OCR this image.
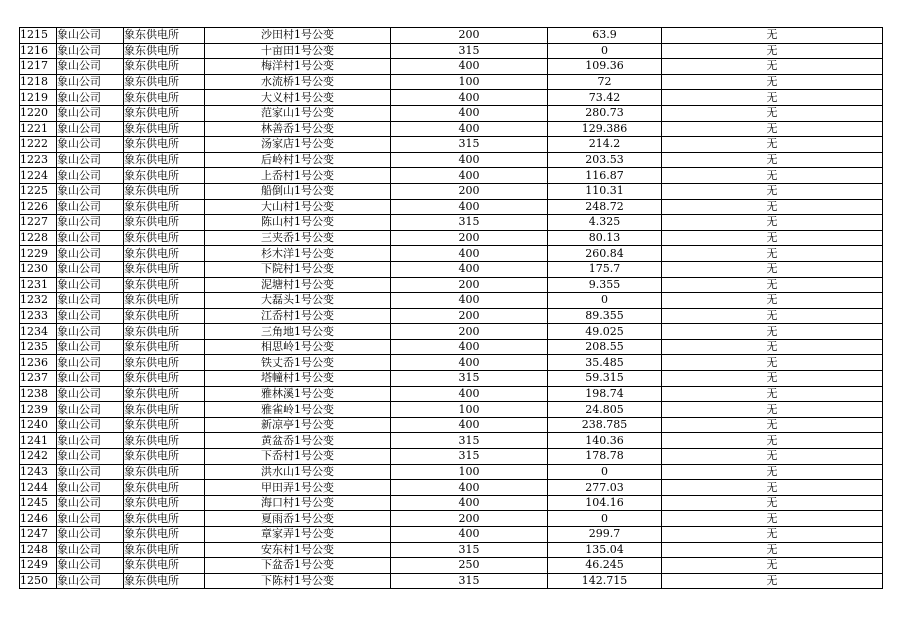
1215	象山公司	象东供电所	沙田村1号公变	200	63.9	无
1216	象山公司	象东供电所	十亩田1号公变	315	0	无
1217	象山公司	象东供电所	梅洋村1号公变	400	109.36	无
1218	象山公司	象东供电所	水流桥1号公变	100	72	无
1219	象山公司	象东供电所	大义村1号公变	400	73.42	无
1220	象山公司	象东供电所	范家山1号公变	400	280.73	无
1221	象山公司	象东供电所	林善岙1号公变	400	129.386	无
1222	象山公司	象东供电所	汤家店1号公变	315	214.2	无
1223	象山公司	象东供电所	后岭村1号公变	400	203.53	无
1224	象山公司	象东供电所	上岙村1号公变	400	116.87	无
1225	象山公司	象东供电所	船倒山1号公变	200	110.31	无
1226	象山公司	象东供电所	大山村1号公变	400	248.72	无
1227	象山公司	象东供电所	陈山村1号公变	315	4.325	无
1228	象山公司	象东供电所	三夹岙1号公变	200	80.13	无
1229	象山公司	象东供电所	杉木洋1号公变	400	260.84	无
1230	象山公司	象东供电所	下院村1号公变	400	175.7	无
1231	象山公司	象东供电所	泥塘村1号公变	200	9.355	无
1232	象山公司	象东供电所	大磊头1号公变	400	0	无
1233	象山公司	象东供电所	江岙村1号公变	200	89.355	无
1234	象山公司	象东供电所	三角地1号公变	200	49.025	无
1235	象山公司	象东供电所	相思岭1号公变	400	208.55	无
1236	象山公司	象东供电所	铁丈岙1号公变	400	35.485	无
1237	象山公司	象东供电所	塔幢村1号公变	315	59.315	无
1238	象山公司	象东供电所	雅林溪1号公变	400	198.74	无
1239	象山公司	象东供电所	雅雀岭1号公变	100	24.805	无
1240	象山公司	象东供电所	新凉亭1号公变	400	238.785	无
1241	象山公司	象东供电所	黄盆岙1号公变	315	140.36	无
1242	象山公司	象东供电所	下岙村1号公变	315	178.78	无
1243	象山公司	象东供电所	洪水山1号公变	100	0	无
1244	象山公司	象东供电所	甲田弄1号公变	400	277.03	无
1245	象山公司	象东供电所	海口村1号公变	400	104.16	无
1246	象山公司	象东供电所	夏雨岙1号公变	200	0	无
1247	象山公司	象东供电所	章家弄1号公变	400	299.7	无
1248	象山公司	象东供电所	安东村1号公变	315	135.04	无
1249	象山公司	象东供电所	下盆岙1号公变	250	46.245	无
1250	象山公司	象东供电所	下陈村1号公变	315	142.715	无
